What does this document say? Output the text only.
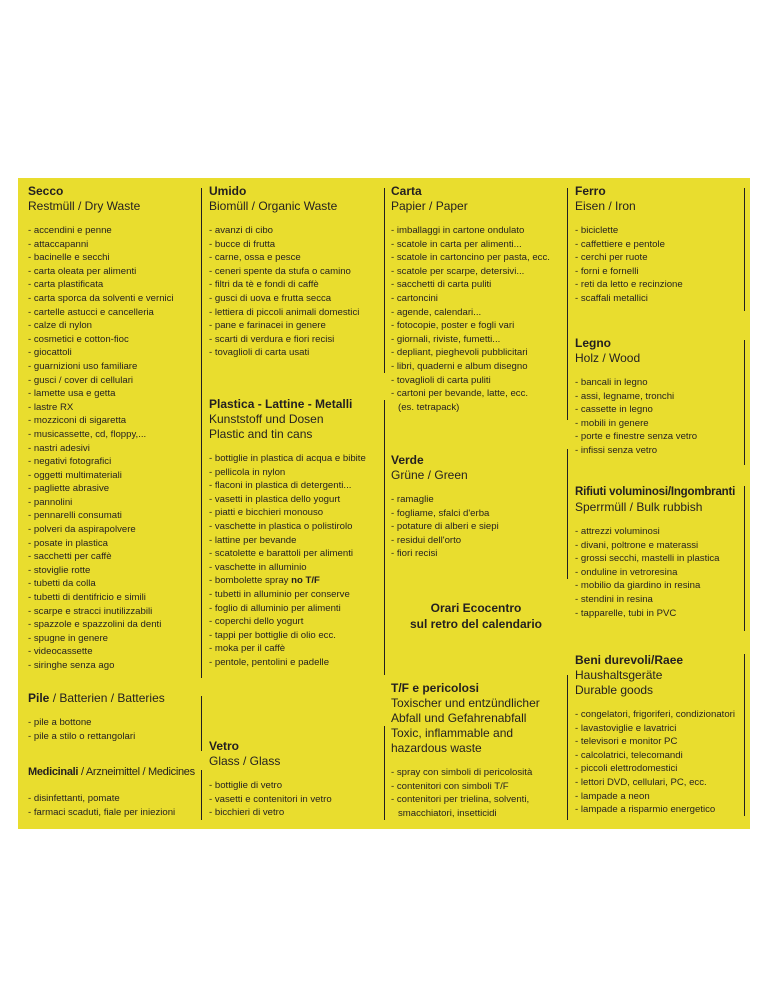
Secco
Restmüll / Dry Waste
- accendini e penne
- attaccapanni
- bacinelle e secchi
- carta oleata per alimenti
- carta plastificata
- carta sporca da solventi e vernici
- cartelle astucci e cancelleria
- calze di nylon
- cosmetici e cotton-fioc
- giocattoli
- guarnizioni uso familiare
- gusci / cover di cellulari
- lamette usa e getta
- lastre RX
- mozziconi di sigaretta
- musicassette, cd, floppy,...
- nastri adesivi
- negativi fotografici
- oggetti multimateriali
- pagliette abrasive
- pannolini
- pennarelli consumati
- polveri da aspirapolvere
- posate in plastica
- sacchetti per caffè
- stoviglie rotte
- tubetti da colla
- tubetti di dentifricio e simili
- scarpe e stracci inutilizzabili
- spazzole e spazzolini da denti
- spugne in genere
- videocassette
- siringhe senza ago
Pile / Batterien / Batteries
- pile a bottone
- pile a stilo o rettangolari
Medicinali / Arzneimittel / Medicines
- disinfettanti, pomate
- farmaci scaduti, fiale per iniezioni
Umido
Biomüll / Organic Waste
- avanzi di cibo
- bucce di frutta
- carne, ossa e pesce
- ceneri spente da stufa o camino
- filtri da tè e fondi di caffè
- gusci di uova e frutta secca
- lettiera di piccoli animali domestici
- pane e farinacei in genere
- scarti di verdura e fiori recisi
- tovaglioli di carta usati
Plastica - Lattine - Metalli
Kunststoff und Dosen
Plastic and tin cans
- bottiglie in plastica di acqua e bibite
- pellicola in nylon
- flaconi in plastica di detergenti...
- vasetti in plastica dello yogurt
- piatti e bicchieri monouso
- vaschette in plastica o polistirolo
- lattine per bevande
- scatolette e barattoli per alimenti
- vaschette in alluminio
- bombolette spray no T/F
- tubetti in alluminio per conserve
- foglio di alluminio per alimenti
- coperchi dello yogurt
- tappi per bottiglie di olio ecc.
- moka per il caffè
- pentole, pentolini e padelle
Vetro
Glass / Glass
- bottiglie di vetro
- vasetti e contenitori in vetro
- bicchieri di vetro
Carta
Papier / Paper
- imballaggi in cartone ondulato
- scatole in carta per alimenti...
- scatole in cartoncino per pasta, ecc.
- scatole per scarpe, detersivi...
- sacchetti di carta puliti
- cartoncini
- agende, calendari...
- fotocopie, poster e fogli vari
- giornali, riviste, fumetti...
- depliant, pieghevoli pubblicitari
- libri, quaderni e album disegno
- tovaglioli di carta puliti
- cartoni per bevande, latte, ecc.
(es. tetrapack)
Verde
Grüne / Green
- ramaglie
- fogliame, sfalci d'erba
- potature di alberi e siepi
- residui dell'orto
- fiori recisi
Orari Ecocentro
sul retro del calendario
T/F e pericolosi
Toxischer und entzündlicher
Abfall und Gefahrenabfall
Toxic, inflammable and
hazardous waste
- spray con simboli di pericolosità
- contenitori con simboli T/F
- contenitori per trielina, solventi,
smacchiatori, insetticidi
Ferro
Eisen / Iron
- biciclette
- caffettiere e pentole
- cerchi per ruote
- forni e fornelli
- reti da letto e recinzione
- scaffali metallici
Legno
Holz / Wood
- bancali in legno
- assi, legname, tronchi
- cassette in legno
- mobili in genere
- porte e finestre senza vetro
- infissi senza vetro
Rifiuti voluminosi/Ingombranti
Sperrmüll / Bulk rubbish
- attrezzi voluminosi
- divani, poltrone e materassi
- grossi secchi, mastelli in plastica
- onduline in vetroresina
- mobilio da giardino in resina
- stendini in resina
- tapparelle, tubi in PVC
Beni durevoli/Raee
Haushaltsgeräte
Durable goods
- congelatori, frigoriferi, condizionatori
- lavastoviglie e lavatrici
- televisori e monitor PC
- calcolatrici, telecomandi
- piccoli elettrodomestici
- lettori DVD, cellulari, PC, ecc.
- lampade a neon
- lampade a risparmio energetico
